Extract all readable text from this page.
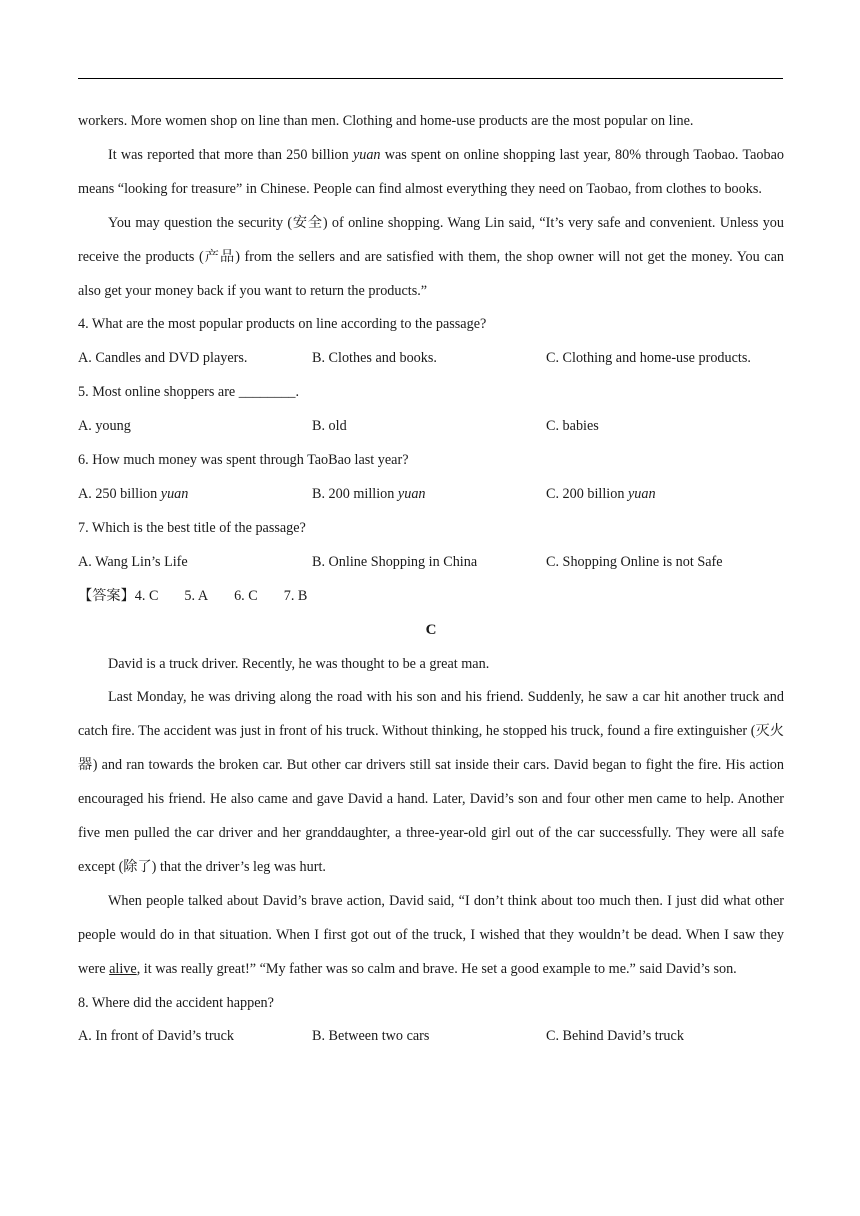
workers. More women shop on line than men. Clothing and home-use products are the most popular on line.

It was reported that more than 250 billion yuan was spent on online shopping last year, 80% through Taobao. Taobao means “looking for treasure” in Chinese. People can find almost everything they need on Taobao, from clothes to books.

You may question the security (安全) of online shopping. Wang Lin said, “It’s very safe and convenient. Unless you receive the products (产品) from the sellers and are satisfied with them, the shop owner will not get the money. You can also get your money back if you want to return the products.”

4. What are the most popular products on line according to the passage?

A. Candles and DVD players.	B. Clothes and books.	C. Clothing and home-use products.

5. Most online shoppers are ________.

A. young	B. old	C. babies

6. How much money was spent through TaoBao last year?

A. 250 billion yuan	B. 200 million yuan	C. 200 billion yuan

7. Which is the best title of the passage?

A. Wang Lin’s Life	B. Online Shopping in China	C. Shopping Online is not Safe
【答案】 4. C 5. A 6. C 7. B

C

David is a truck driver. Recently, he was thought to be a great man.

Last Monday, he was driving along the road with his son and his friend. Suddenly, he saw a car hit another truck and catch fire. The accident was just in front of his truck. Without thinking, he stopped his truck, found a fire extinguisher (灭火器) and ran towards the broken car. But other car drivers still sat inside their cars. David began to fight the fire. His action encouraged his friend. He also came and gave David a hand. Later, David’s son and four other men came to help. Another five men pulled the car driver and her granddaughter, a three-year-old girl out of the car successfully. They were all safe except (除了) that the driver’s leg was hurt.

When people talked about David’s brave action, David said, “I don’t think about too much then. I just did what other people would do in that situation. When I first got out of the truck, I wished that they wouldn’t be dead. When I saw they were alive, it was really great!” “My father was so calm and brave. He set a good example to me.” said David’s son.

8. Where did the accident happen?

A. In front of David’s truck	B. Between two cars	C. Behind David’s truck
